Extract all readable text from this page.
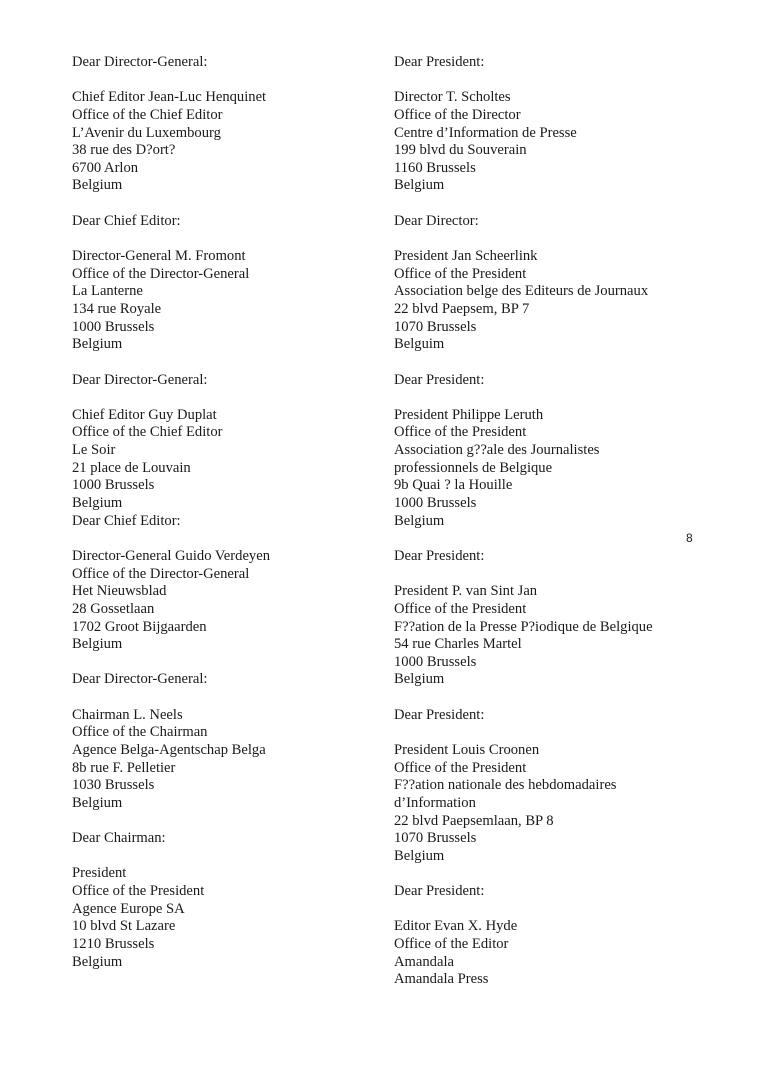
Dear Director-General:
Chief Editor Jean-Luc Henquinet
Office of the Chief Editor
L’Avenir du Luxembourg
38 rue des D?ort?
6700 Arlon
Belgium
Dear Chief Editor:
Director-General M. Fromont
Office of the Director-General
La Lanterne
134 rue Royale
1000 Brussels
Belgium
Dear Director-General:
Chief Editor Guy Duplat
Office of the Chief Editor
Le Soir
21 place de Louvain
1000 Brussels
Belgium
Dear Chief Editor:
Director-General Guido Verdeyen
Office of the Director-General
Het Nieuwsblad
28 Gossetlaan
1702 Groot Bijgaarden
Belgium
Dear Director-General:
Chairman L. Neels
Office of the Chairman
Agence Belga-Agentschap Belga
8b rue F. Pelletier
1030 Brussels
Belgium
Dear Chairman:
President
Office of the President
Agence Europe SA
10 blvd St Lazare
1210 Brussels
Belgium
Dear President:
Director T. Scholtes
Office of the Director
Centre d’Information de Presse
199 blvd du Souverain
1160 Brussels
Belgium
Dear Director:
President Jan Scheerlink
Office of the President
Association belge des Editeurs de Journaux
22 blvd Paepsem, BP 7
1070 Brussels
Belguim
Dear President:
President Philippe Leruth
Office of the President
Association g??ale des Journalistes
professionnels de Belgique
9b Quai ? la Houille
1000 Brussels
Belgium
Dear President:
President P. van Sint Jan
Office of the President
F??ation de la Presse P?iodique de Belgique
54 rue Charles Martel
1000 Brussels
Belgium
Dear President:
President Louis Croonen
Office of the President
F??ation nationale des hebdomadaires
d’Information
22 blvd Paepsemlaan, BP 8
1070 Brussels
Belgium
Dear President:
Editor Evan X. Hyde
Office of the Editor
Amandala
Amandala Press
8
